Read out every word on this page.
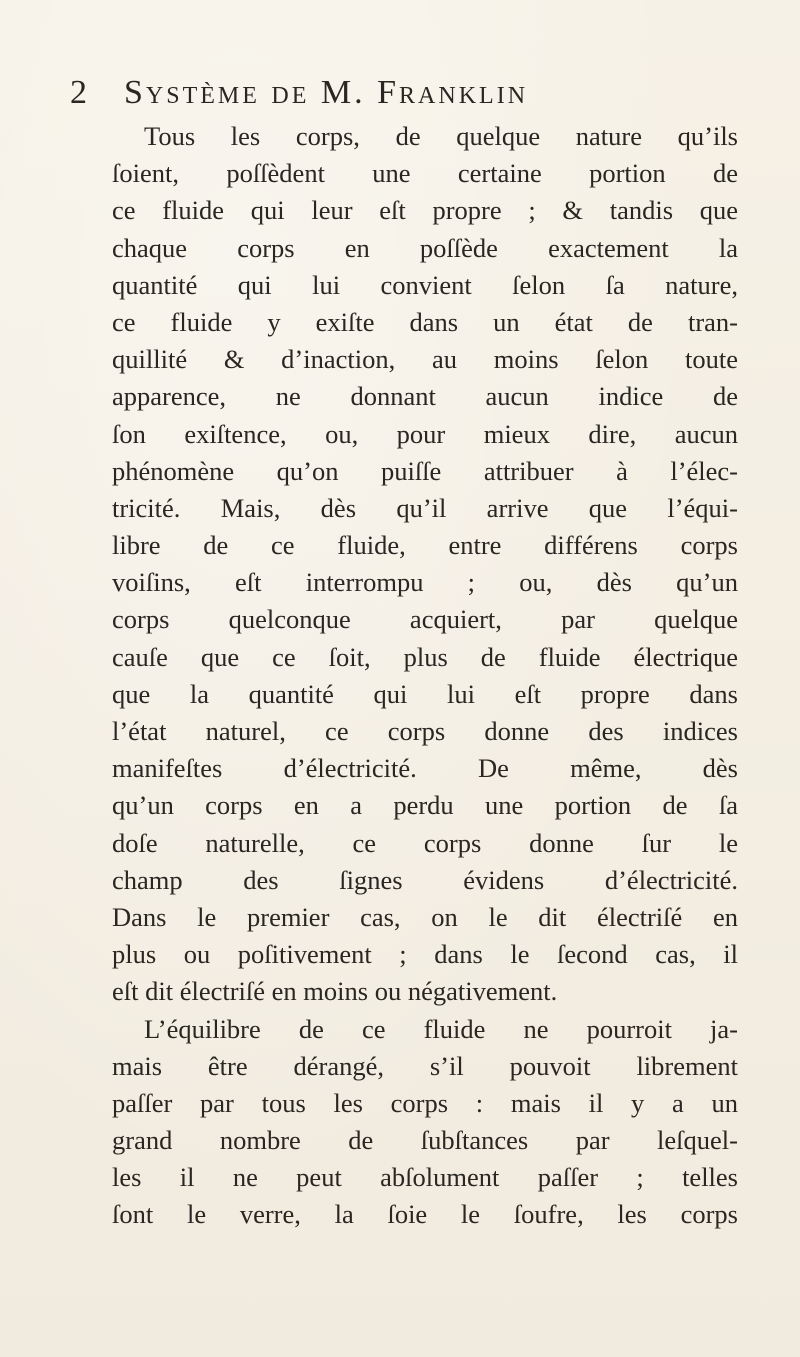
2 Système de M. Franklin
Tous les corps, de quelque nature qu’ils
ſoient, poſſèdent une certaine portion de
ce fluide qui leur eſt propre ; & tandis que
chaque corps en poſſède exactement la
quantité qui lui convient ſelon ſa nature,
ce fluide y exiſte dans un état de tran-
quillité & d’inaction, au moins ſelon toute
apparence, ne donnant aucun indice de
ſon exiſtence, ou, pour mieux dire, aucun
phénomène qu’on puiſſe attribuer à l’élec-
tricité. Mais, dès qu’il arrive que l’équi-
libre de ce fluide, entre différens corps
voiſins, eſt interrompu ; ou, dès qu’un
corps quelconque acquiert, par quelque
cauſe que ce ſoit, plus de fluide électrique
que la quantité qui lui eſt propre dans
l’état naturel, ce corps donne des indices
manifeſtes d’électricité. De même, dès
qu’un corps en a perdu une portion de ſa
doſe naturelle, ce corps donne ſur le
champ des ſignes évidens d’électricité.
Dans le premier cas, on le dit électriſé en
plus ou poſitivement ; dans le ſecond cas, il
eſt dit électriſé en moins ou négativement.
L’équilibre de ce fluide ne pourroit ja-
mais être dérangé, s’il pouvoit librement
paſſer par tous les corps : mais il y a un
grand nombre de ſubſtances par leſquel-
les il ne peut abſolument paſſer ; telles
ſont le verre, la ſoie le ſoufre, les corps
